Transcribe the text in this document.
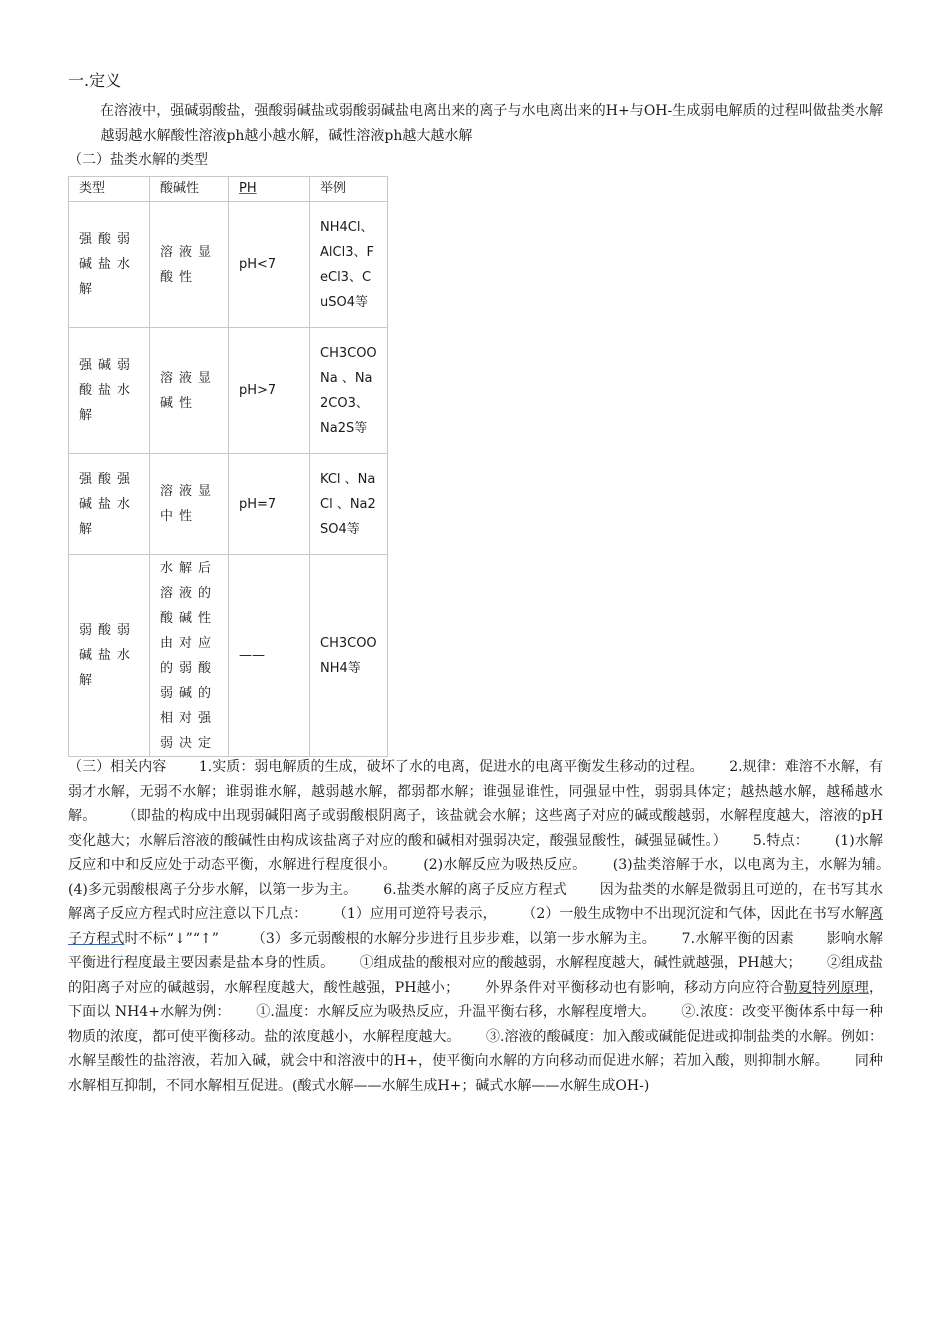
一.定义
在溶液中，强碱弱酸盐，强酸弱碱盐或弱酸弱碱盐电离出来的离子与水电离出来的H+与OH-生成弱电解质的过程叫做盐类水解 　　 越弱越水解酸性溶液ph越小越水解，碱性溶液ph越大越水解
（二）盐类水解的类型
类型	酸碱性	PH	举例
强酸弱碱盐水解	溶液显酸性	pH<7	NH4Cl、AlCl3、FeCl3、CuSO4等
强碱弱酸盐水解	溶液显碱性	pH>7	CH3COONa 、Na2CO3、Na2S等
强酸强碱盐水解	溶液显中性	pH=7	KCl 、NaCl 、Na2SO4等
弱酸弱碱盐水解	水解后溶液的酸碱性由对应的弱酸弱碱的相对强弱决定	——	CH3COONH4等
（三）相关内容　　 1.实质：弱电解质的生成，破坏了水的电离，促进水的电离平衡发生移动的过程。　　 2.规律：难溶不水解，有弱才水解，无弱不水解；谁弱谁水解，越弱越水解，都弱都水解；谁强显谁性，同强显中性，弱弱具体定；越热越水解，越稀越水解。　　 （即盐的构成中出现弱碱阳离子或弱酸根阴离子，该盐就会水解；这些离子对应的碱或酸越弱，水解程度越大，溶液的pH变化越大；水解后溶液的酸碱性由构成该盐离子对应的酸和碱相对强弱决定，酸强显酸性，碱强显碱性。）　　 5.特点：　　 (1)水解反应和中和反应处于动态平衡，水解进行程度很小。　　 (2)水解反应为吸热反应。　　 (3)盐类溶解于水，以电离为主，水解为辅。　　 (4)多元弱酸根离子分步水解，以第一步为主。　　 6.盐类水解的离子反应方程式　　 因为盐类的水解是微弱且可逆的，在书写其水解离子反应方程式时应注意以下几点：　　 （1）应用可逆符号表示，　　 （2）一般生成物中不出现沉淀和气体，因此在书写水解离子方程式时不标“↓”“↑”　　 （3）多元弱酸根的水解分步进行且步步难，以第一步水解为主。　　 7.水解平衡的因素　　 影响水解平衡进行程度最主要因素是盐本身的性质。　　 ①组成盐的酸根对应的酸越弱，水解程度越大，碱性就越强，PH越大；　　 ②组成盐的阳离子对应的碱越弱，水解程度越大，酸性越强，PH越小；　　 外界条件对平衡移动也有影响，移动方向应符合勒夏特列原理，下面以 NH4+水解为例：　　 ①.温度：水解反应为吸热反应，升温平衡右移，水解程度增大。　　 ②.浓度：改变平衡体系中每一种物质的浓度，都可使平衡移动。盐的浓度越小，水解程度越大。　　 ③.溶液的酸碱度：加入酸或碱能促进或抑制盐类的水解。例如：水解呈酸性的盐溶液，若加入碱，就会中和溶液中的H+，使平衡向水解的方向移动而促进水解；若加入酸，则抑制水解。　　 同种水解相互抑制，不同水解相互促进。(酸式水解——水解生成H+；碱式水解——水解生成OH-)
